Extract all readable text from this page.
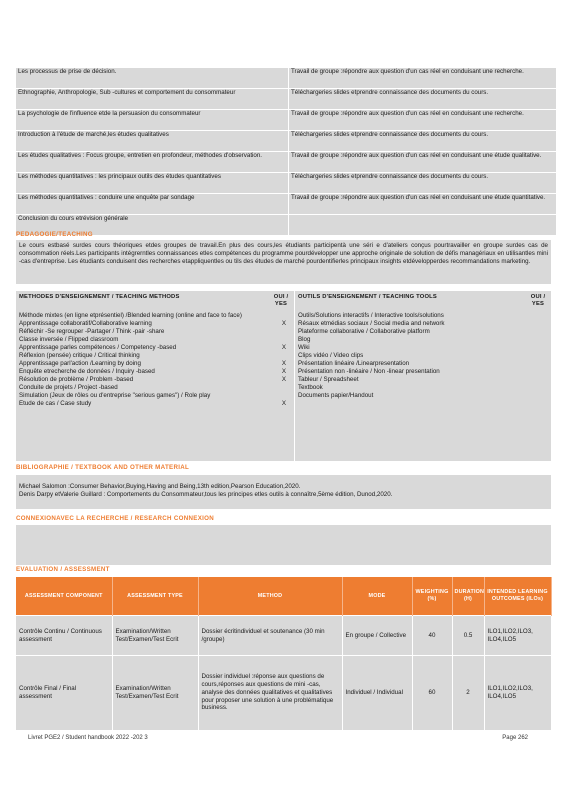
Les processus de prise de décision.	Travail de groupe :répondre aux question d'un cas réel en conduisant une recherche.
Ethnographie, Anthropologie, Sub -cultures et comportement du consommateur	Téléchargeries slides etprendre connaissance des documents du cours.
La psychologie de l'influence etde la persuasion du consommateur	Travail de groupe :répondre aux question d'un cas réel en conduisant une recherche.
Introduction à l'étude de marché,les études qualitatives	Téléchargeries slides etprendre connaissance des documents du cours.
Les études qualitatives : Focus groupe, entretien en profondeur, méthodes d'observation.	Travail de groupe :répondre aux question d'un cas réel en conduisant une étude qualitative.
Les méthodes quantitatives : les principaux outils des études quantitatives	Téléchargeries slides etprendre connaissance des documents du cours.
Les méthodes quantitatives : conduire une enquête par sondage	Travail de groupe :répondre aux question d'un cas réel en conduisant une étude quantitative.
Conclusion du cours etrévision générale	
PEDAGOGIE/TEACHING
Le cours estbasé surdes cours théoriques etdes groupes de travail.En plus des cours,les étudiants participentà une séri e d'ateliers conçus pourtravailler en groupe surdes cas de consommation réels.Les participants intégrerntles connaissances etles compétences du programme pourdévelopper une approche originale de solution de défis managériaux en utilisantles mini -cas d'entreprise. Les étudiants conduisent des recherches etappliquentles ou tils des études de marché pourdentifierles principaux insights etdévelopperdes recommandations marketing.
METHODES D'ENSEIGNEMENT / TEACHING METHODS	OUI / YES
Méthode mixtes (en ligne etprésentiel) /Blended learning (online and face to face)
Apprentissage collaboratif/Collaborative learning	X
Réfléchir -Se regrouper -Partager / Think -pair -share
Classe inversée / Flipped classroom
Apprentissage parles compétences / Competency -based	X
Réflexion (pensée) critique / Critical thinking
Apprentissage parl'action /Learning by doing	X
Enquête etrecherche de données / Inquiry -based	X
Résolution de problème / Problem -based	X
Conduite de projets / Project -based
Simulation (Jeux de rôles ou d'entreprise "serious games") / Role play
Etude de cas / Case study	X
OUTILS D'ENSEIGNEMENT / TEACHING TOOLS	OUI / YES
Outils/Solutions interactifs / Interactive tools/solutions
Résaux etmédias sociaux / Social media and network
Plateforme collaborative / Collaborative platform
Blog
Wiki
Clips vidéo / Video clips
Présentation linéaire /Linearpresentation
Présentation non -linéaire / Non -linear presentation
Tableur / Spreadsheet
Textbook
Documents papier/Handout
BIBLIOGRAPHIE / TEXTBOOK AND OTHER MATERIAL
Michael Salomon :Consumer Behavior,Buying,Having and Being,13th edition,Pearson Education,2020.
Denis Darpy etValerie Guillard : Comportements du Consommateur,tous les principes etles outils à connaître,5ème édition, Dunod,2020.
CONNEXIONAVEC LA RECHERCHE / RESEARCH CONNEXION
EVALUATION / ASSESSMENT
ASSESSMENT COMPONENT	ASSESSMENT TYPE	METHOD	MODE	WEIGHTING (%)	DURATION (H)	INTENDED LEARNING OUTCOMES (ILOs)
Contrôle Continu / Continuous assessment	Examination/Written Test/Examen/Test Ecrit	Dossier écritindividuel et soutenance (30 min /groupe)	En groupe / Collective	40	0.5	ILO1,ILO2,ILO3, ILO4,ILO5
Contrôle Final / Final assessment	Examination/Written Test/Examen/Test Ecrit	Dossier individuel :réponse aux questions de cours,réponses aux questions de mini -cas, analyse des données qualitatives et qualitatives pour proposer une solution à une problématique business.	Individuel / Individual	60	2	ILO1,ILO2,ILO3, ILO4,ILO5
Livret PGE2 / Student handbook 2022 -202 3	Page 262
